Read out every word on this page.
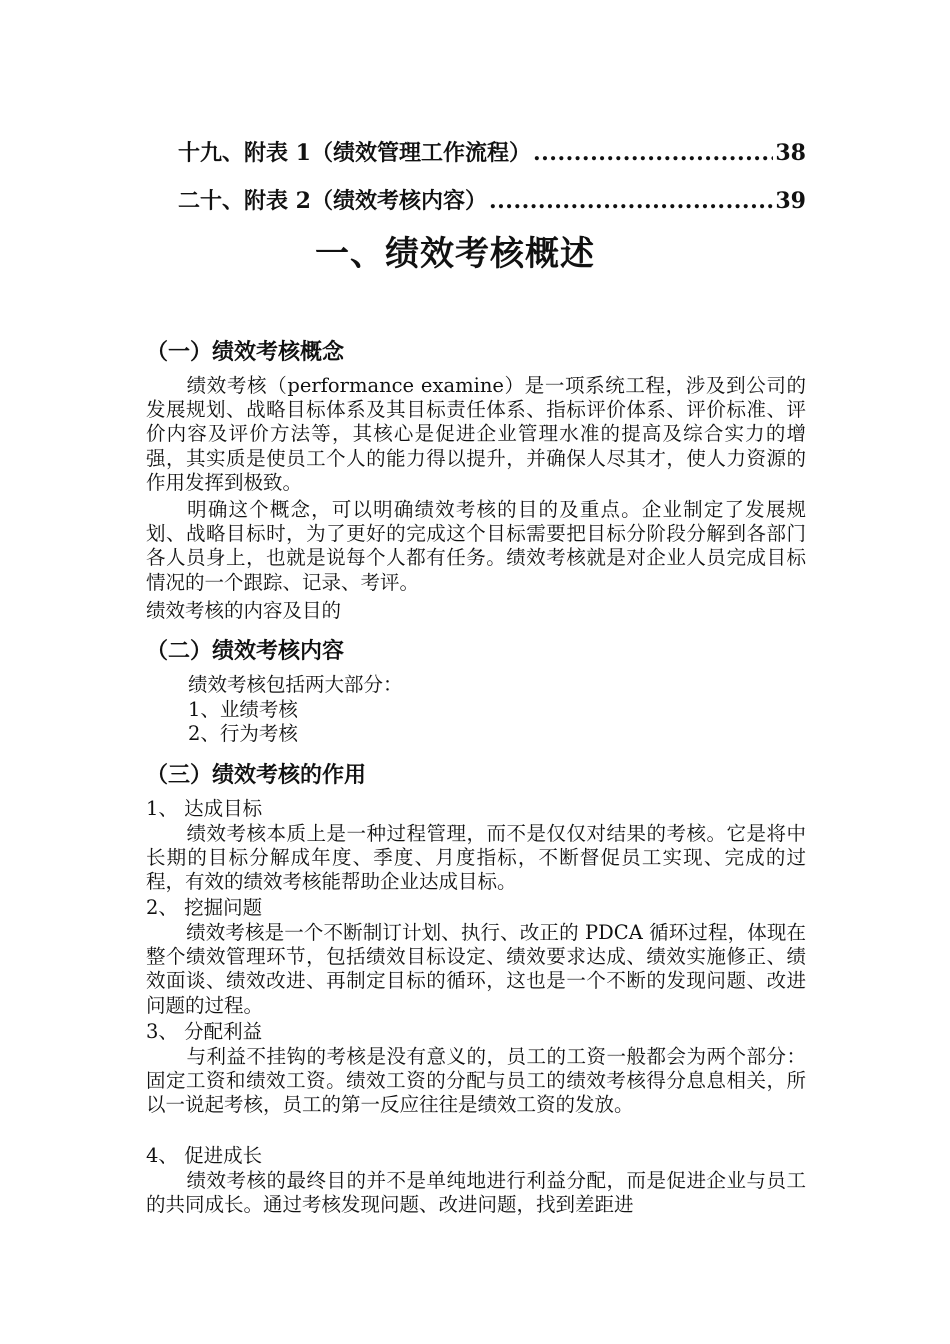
十九、附表 1（绩效管理工作流程） .....	38
二十、附表 2（绩效考核内容） .....	39
一、绩效考核概述
（一）绩效考核概念
绩效考核（performance examine）是一项系统工程，涉及到公司的发展规划、战略目标体系及其目标责任体系、指标评价体系、评价标准、评价内容及评价方法等，其核心是促进企业管理水准的提高及综合实力的增强，其实质是使员工个人的能力得以提升，并确保人尽其才，使人力资源的作用发挥到极致。
明确这个概念，可以明确绩效考核的目的及重点。企业制定了发展规划、战略目标时，为了更好的完成这个目标需要把目标分阶段分解到各部门各人员身上，也就是说每个人都有任务。绩效考核就是对企业人员完成目标情况的一个跟踪、记录、考评。
绩效考核的内容及目的
（二）绩效考核内容
绩效考核包括两大部分：
1、业绩考核
2、行为考核
（三）绩效考核的作用
1、 达成目标
绩效考核本质上是一种过程管理，而不是仅仅对结果的考核。它是将中长期的目标分解成年度、季度、月度指标，不断督促员工实现、完成的过程，有效的绩效考核能帮助企业达成目标。
2、 挖掘问题
绩效考核是一个不断制订计划、执行、改正的 PDCA 循环过程，体现在整个绩效管理环节，包括绩效目标设定、绩效要求达成、绩效实施修正、绩效面谈、绩效改进、再制定目标的循环，这也是一个不断的发现问题、改进问题的过程。
3、 分配利益
与利益不挂钩的考核是没有意义的，员工的工资一般都会为两个部分：固定工资和绩效工资。绩效工资的分配与员工的绩效考核得分息息相关，所以一说起考核，员工的第一反应往往是绩效工资的发放。
4、 促进成长
绩效考核的最终目的并不是单纯地进行利益分配，而是促进企业与员工的共同成长。通过考核发现问题、改进问题，找到差距进
